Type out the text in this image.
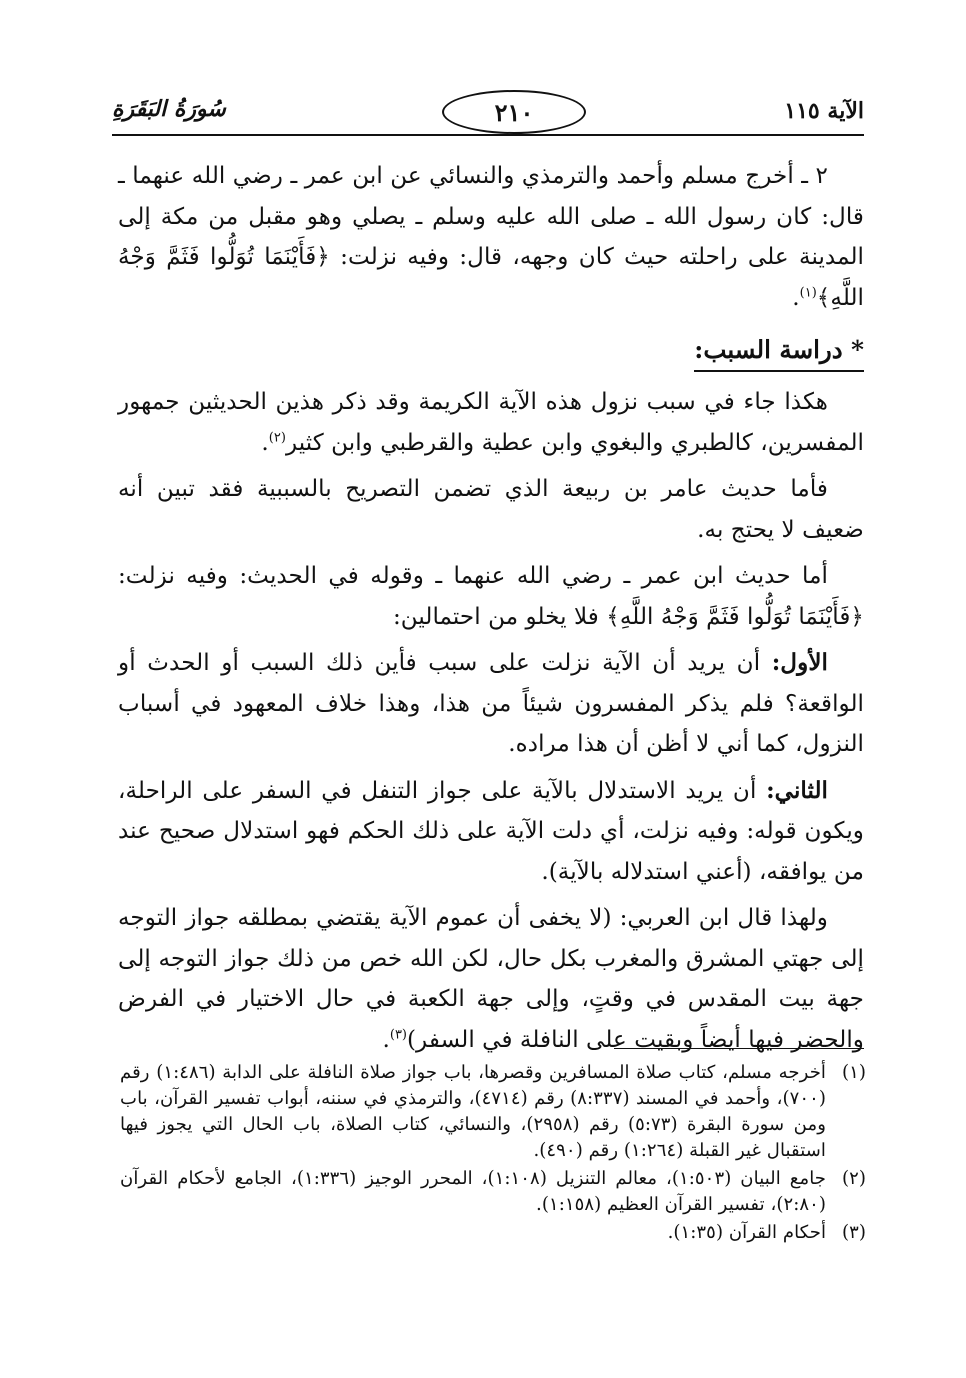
الآية ١١٥
٢١٠
سُورَةُ البَقَرَةِ

٢ ـ أخرج مسلم وأحمد والترمذي والنسائي عن ابن عمر ـ رضي الله عنهما ـ قال: كان رسول الله ـ صلى الله عليه وسلم ـ يصلي وهو مقبل من مكة إلى المدينة على راحلته حيث كان وجهه، قال: وفيه نزلت: ﴿فَأَيْنَمَا تُوَلُّوا فَثَمَّ وَجْهُ اللَّهِ﴾$^{(١)}$.

* دراسة السبب:

هكذا جاء في سبب نزول هذه الآية الكريمة وقد ذكر هذين الحديثين جمهور المفسرين، كالطبري والبغوي وابن عطية والقرطبي وابن كثير$^{(٢)}$.

فأما حديث عامر بن ربيعة الذي تضمن التصريح بالسببية فقد تبين أنه ضعيف لا يحتج به.

أما حديث ابن عمر ـ رضي الله عنهما ـ وقوله في الحديث: وفيه نزلت: ﴿فَأَيْنَمَا تُوَلُّوا فَثَمَّ وَجْهُ اللَّهِ﴾ فلا يخلو من احتمالين:

الأول: أن يريد أن الآية نزلت على سبب فأين ذلك السبب أو الحدث أو الواقعة؟ فلم يذكر المفسرون شيئاً من هذا، وهذا خلاف المعهود في أسباب النزول، كما أني لا أظن أن هذا مراده.

الثاني: أن يريد الاستدلال بالآية على جواز التنفل في السفر على الراحلة، ويكون قوله: وفيه نزلت، أي دلت الآية على ذلك الحكم فهو استدلال صحيح عند من يوافقه، (أعني استدلاله بالآية).

ولهذا قال ابن العربي: (لا يخفى أن عموم الآية يقتضي بمطلقه جواز التوجه إلى جهتي المشرق والمغرب بكل حال، لكن الله خص من ذلك جواز التوجه إلى جهة بيت المقدس في وقتٍ، وإلى جهة الكعبة في حال الاختيار في الفرض والحضر فيها أيضاً وبقيت على النافلة في السفر)$^{(٣)}$.

(١)
أخرجه مسلم، كتاب صلاة المسافرين وقصرها، باب جواز صلاة النافلة على الدابة (١:٤٨٦) رقم (٧٠٠)، وأحمد في المسند (٨:٣٣٧) رقم (٤٧١٤)، والترمذي في سننه، أبواب تفسير القرآن، باب ومن سورة البقرة (٥:٧٣) رقم (٢٩٥٨)، والنسائي، كتاب الصلاة، باب الحال التي يجوز فيها استقبال غير القبلة (١:٢٦٤) رقم (٤٩٠).
(٢)
جامع البيان (١:٥٠٣)، معالم التنزيل (١:١٠٨)، المحرر الوجيز (١:٣٣٦)، الجامع لأحكام القرآن (٢:٨٠)، تفسير القرآن العظيم (١:١٥٨).
(٣)
أحكام القرآن (١:٣٥).
